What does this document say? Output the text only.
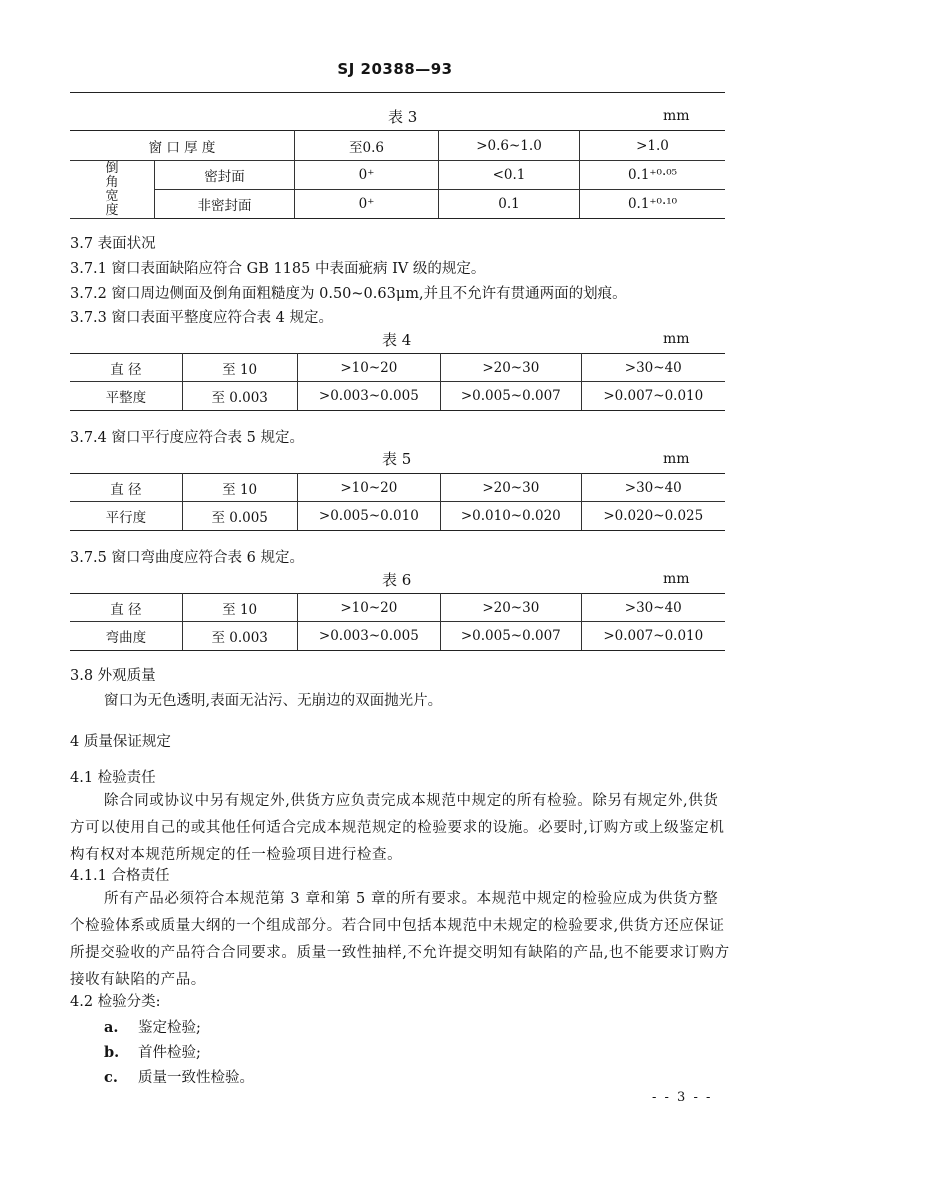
SJ 20388—93
表 3	mm
窗 口 厚 度		至0.6	>0.6~1.0	>1.0
倒角宽度	密封面	0⁺	<0.1	0.1⁺⁰·⁰⁵
	非密封面	0⁺	0.1	0.1⁺⁰·¹⁰
3.7 表面状况
3.7.1 窗口表面缺陷应符合 GB 1185 中表面疵病 IV 级的规定。
3.7.2 窗口周边侧面及倒角面粗糙度为 0.50~0.63μm,并且不允许有贯通两面的划痕。
3.7.3 窗口表面平整度应符合表 4 规定。
表 4	mm
直 径	至 10	>10~20	>20~30	>30~40
平整度	至 0.003	>0.003~0.005	>0.005~0.007	>0.007~0.010
3.7.4 窗口平行度应符合表 5 规定。
表 5	mm
直 径	至 10	>10~20	>20~30	>30~40
平行度	至 0.005	>0.005~0.010	>0.010~0.020	>0.020~0.025
3.7.5 窗口弯曲度应符合表 6 规定。
表 6	mm
直 径	至 10	>10~20	>20~30	>30~40
弯曲度	至 0.003	>0.003~0.005	>0.005~0.007	>0.007~0.010
3.8 外观质量
窗口为无色透明,表面无沾污、无崩边的双面抛光片。
4 质量保证规定
4.1 检验责任
除合同或协议中另有规定外,供货方应负责完成本规范中规定的所有检验。除另有规定外,供货方可以使用自己的或其他任何适合完成本规范规定的检验要求的设施。必要时,订购方或上级鉴定机构有权对本规范所规定的任一检验项目进行检查。
4.1.1 合格责任
所有产品必须符合本规范第 3 章和第 5 章的所有要求。本规范中规定的检验应成为供货方整个检验体系或质量大纲的一个组成部分。若合同中包括本规范中未规定的检验要求,供货方还应保证所提交验收的产品符合合同要求。质量一致性抽样,不允许提交明知有缺陷的产品,也不能要求订购方接收有缺陷的产品。
4.2 检验分类:
a. 鉴定检验;
b. 首件检验;
c. 质量一致性检验。
- - 3 - -
